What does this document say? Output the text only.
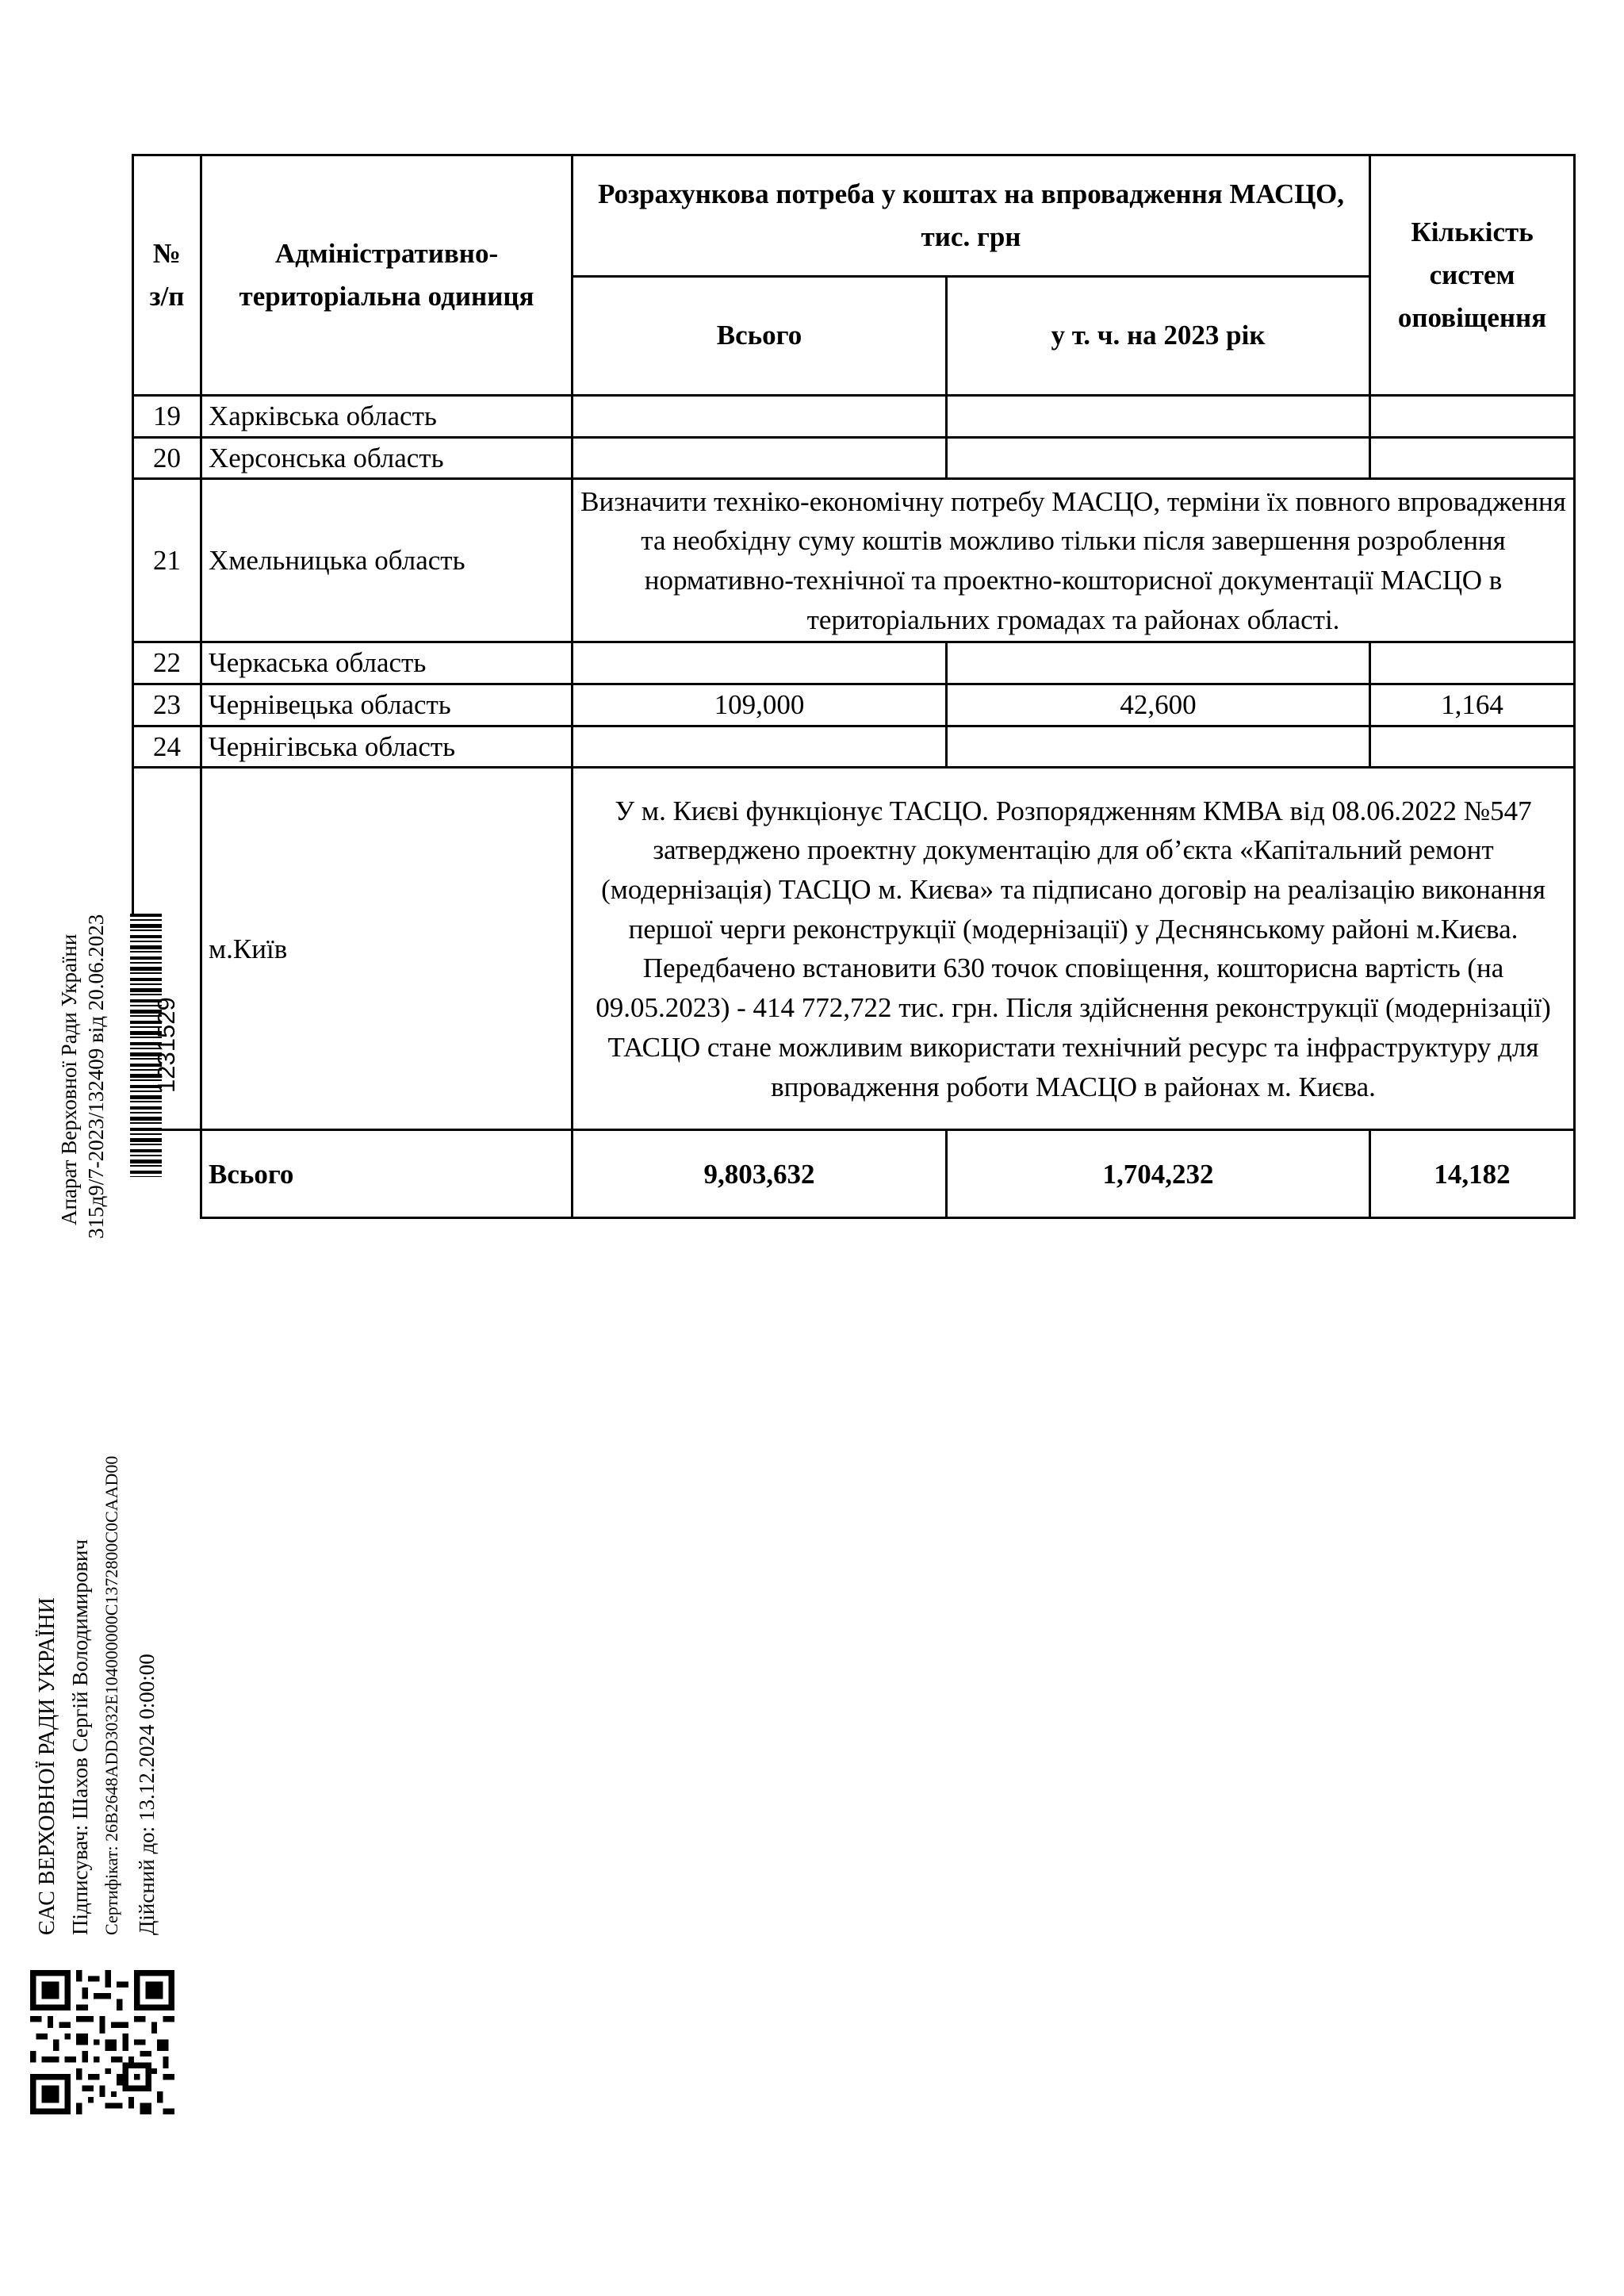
№ з/п	Адміністративно-територіальна одиниця	Розрахункова потреба у коштах на впровадження МАСЦО, тис. грн		Кількість систем оповіщення
		Всього	у т. ч. на 2023 рік	
19	Харківська область			
20	Херсонська область			
21	Хмельницька область	Визначити техніко-економічну потребу МАСЦО, терміни їх повного впровадження та необхідну суму коштів можливо тільки після завершення розроблення нормативно-технічної та проектно-кошторисної документації МАСЦО в територіальних громадах та районах області.		
22	Черкаська область			
23	Чернівецька область	109,000	42,600	1,164
24	Чернігівська область			
	м.Київ	У м. Києві функціонує ТАСЦО. Розпорядженням КМВА від 08.06.2022 №547 затверджено проектну документацію для об’єкта «Капітальний ремонт (модернізація) ТАСЦО м. Києва» та підписано договір на реалізацію виконання першої черги реконструкції (модернізації) у Деснянському районі м.Києва. Передбачено встановити 630 точок сповіщення, кошторисна вартість (на 09.05.2023) - 414 772,722 тис. грн. Після здійснення реконструкції (модернізації) ТАСЦО стане можливим використати технічний ресурс та інфраструктуру для впровадження роботи МАСЦО в районах м. Києва.		
	Всього	9,803,632	1,704,232	14,182
Апарат Верховної Ради України 315д9/7-2023/132409 від 20.06.2023 1231529
ЄАС ВЕРХОВНОЇ РАДИ УКРАЇНИ Підписувач: Шахов Сергій Володимирович Сертифікат: 26B2648ADD3032E104000000C1372800C0CAAD00 Дійсний до: 13.12.2024 0:00:00
